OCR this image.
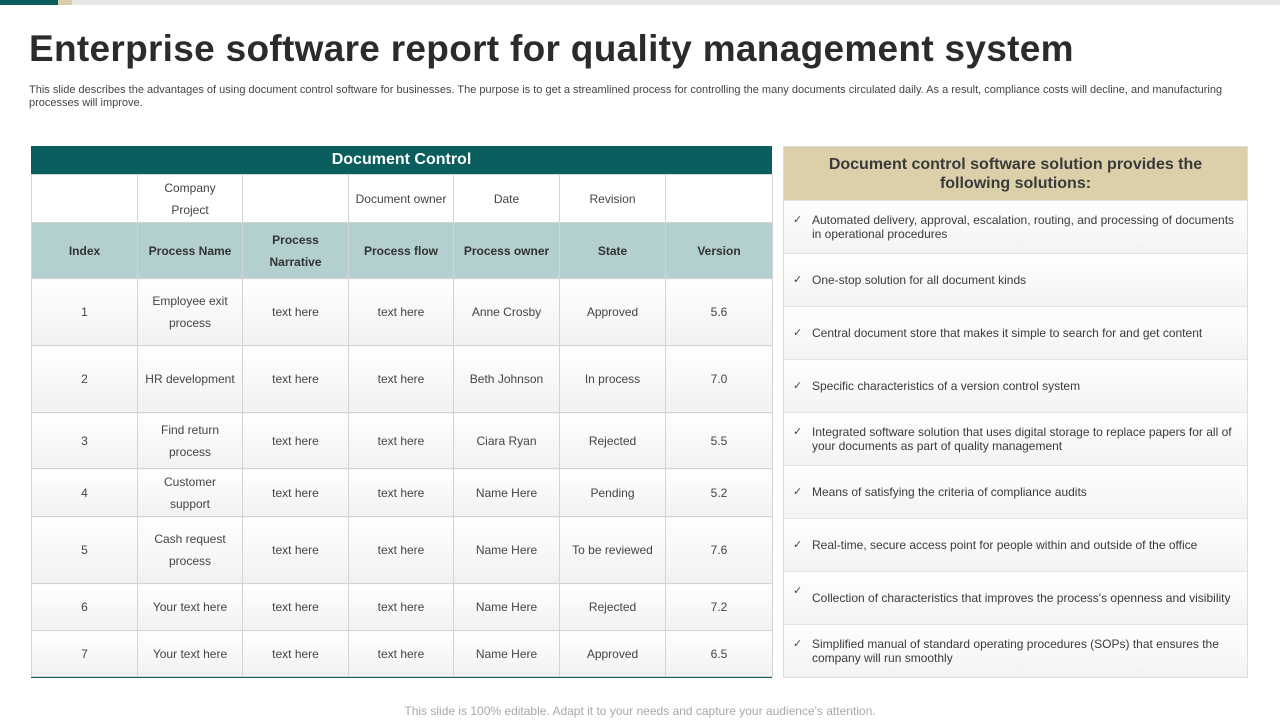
Enterprise software report for quality management system

This slide describes the advantages of using document control software for businesses. The purpose is to get a streamlined process for controlling the many documents circulated daily. As a result, compliance costs will decline, and manufacturing processes will improve.

Document Control
	Company Project		Document owner	Date	Revision	
Index	Process Name	Process Narrative	Process flow	Process owner	State	Version
1	Employee exit process	text here	text here	Anne Crosby	Approved	5.6
2	HR development	text here	text here	Beth Johnson	In process	7.0
3	Find return process	text here	text here	Ciara Ryan	Rejected	5.5
4	Customer support	text here	text here	Name Here	Pending	5.2
5	Cash request process	text here	text here	Name Here	To be reviewed	7.6
6	Your text here	text here	text here	Name Here	Rejected	7.2
7	Your text here	text here	text here	Name Here	Approved	6.5
Document control software solution provides the following solutions:
✓ Automated delivery, approval, escalation, routing, and processing of documents in operational procedures
✓ One-stop solution for all document kinds
✓ Central document store that makes it simple to search for and get content
✓ Specific characteristics of a version control system
✓ Integrated software solution that uses digital storage to replace papers for all of your documents as part of quality management
✓ Means of satisfying the criteria of compliance audits
✓ Real-time, secure access point for people within and outside of the office
✓ Collection of characteristics that improves the process's openness and visibility
✓ Simplified manual of standard operating procedures (SOPs) that ensures the company will run smoothly
This slide is 100% editable. Adapt it to your needs and capture your audience's attention.
